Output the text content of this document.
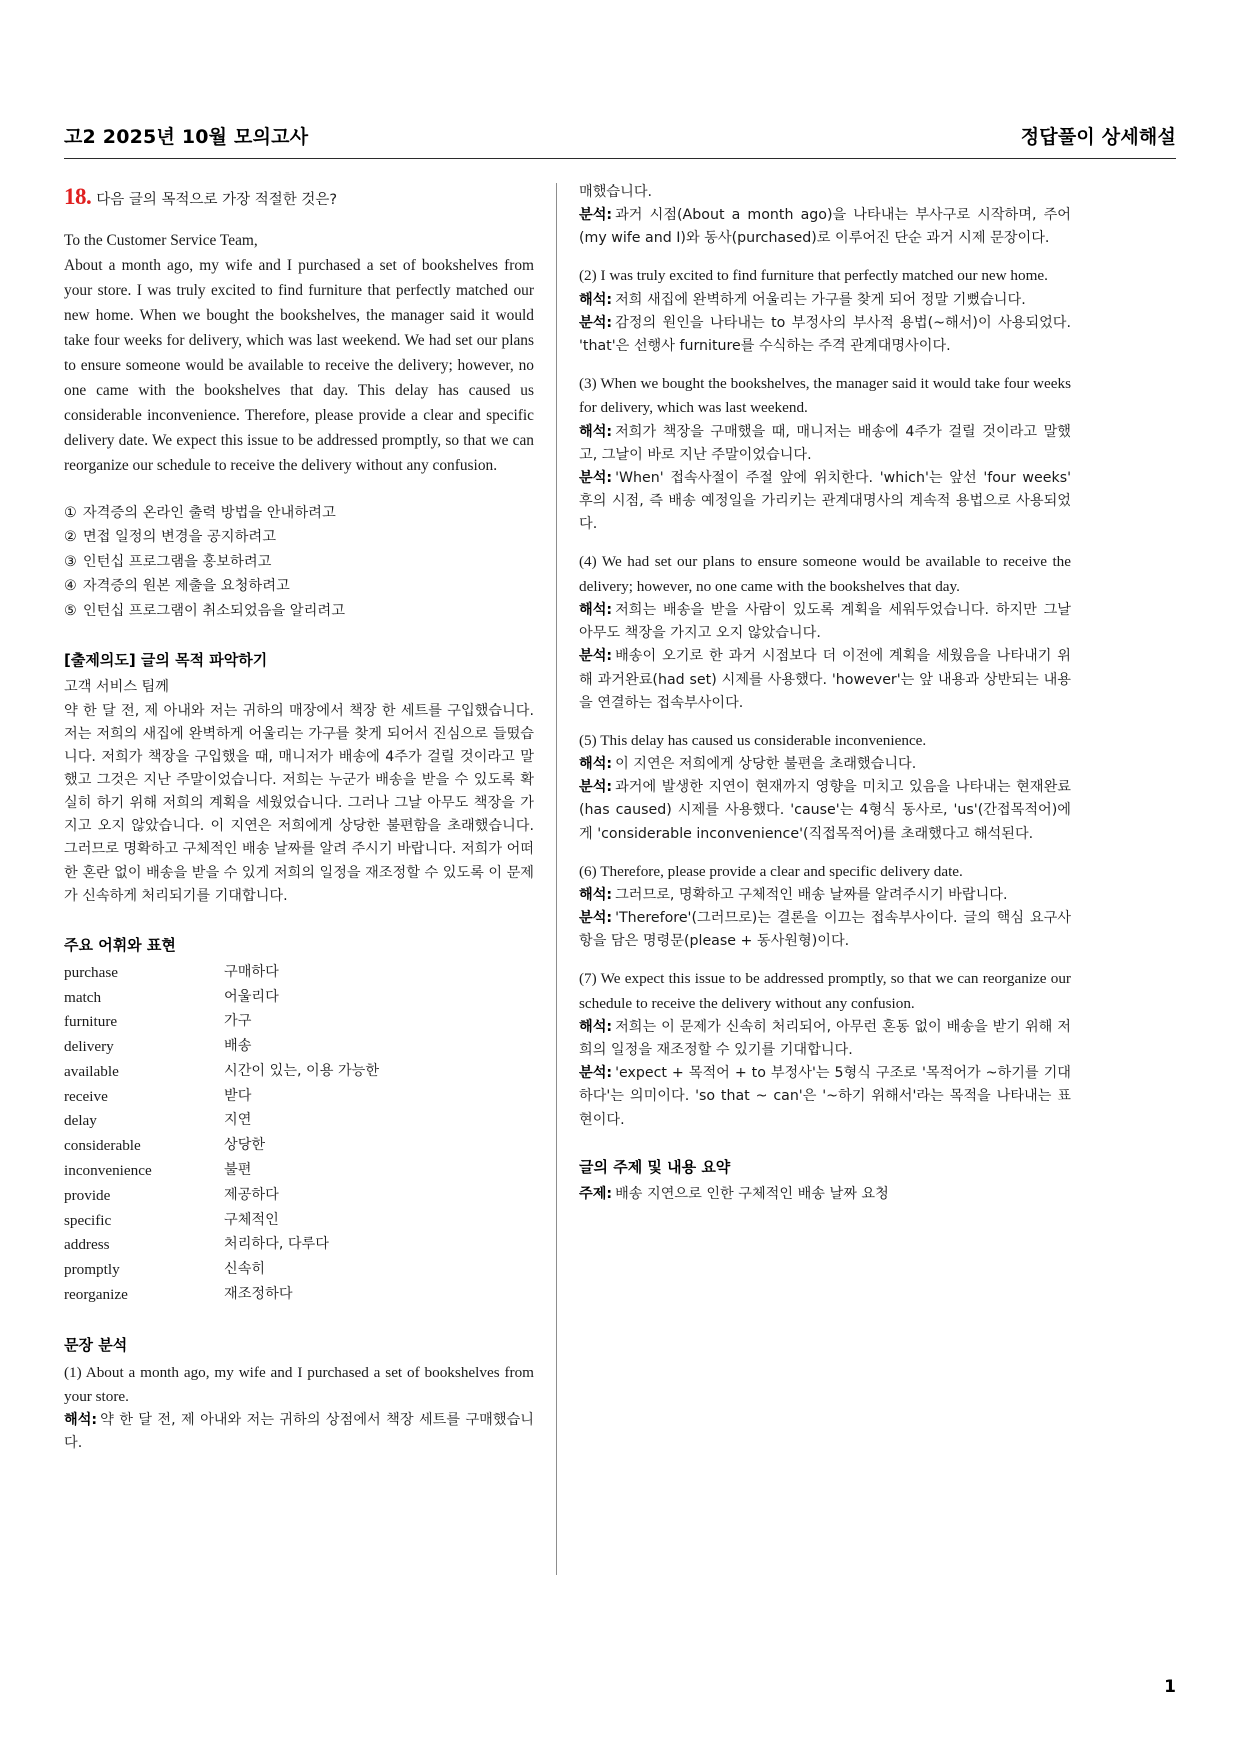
고2 2025년 10월 모의고사	정답풀이 상세해설
18. 다음 글의 목적으로 가장 적절한 것은?

To the Customer Service Team,

About a month ago, my wife and I purchased a set of bookshelves from your store. I was truly excited to find furniture that perfectly matched our new home. When we bought the bookshelves, the manager said it would take four weeks for delivery, which was last weekend. We had set our plans to ensure someone would be available to receive the delivery; however, no one came with the bookshelves that day. This delay has caused us considerable inconvenience. Therefore, please provide a clear and specific delivery date. We expect this issue to be addressed promptly, so that we can reorganize our schedule to receive the delivery without any confusion.

① 자격증의 온라인 출력 방법을 안내하려고
② 면접 일정의 변경을 공지하려고
③ 인턴십 프로그램을 홍보하려고
④ 자격증의 원본 제출을 요청하려고
⑤ 인턴십 프로그램이 취소되었음을 알리려고
[출제의도] 글의 목적 파악하기

고객 서비스 팀께

약 한 달 전, 제 아내와 저는 귀하의 매장에서 책장 한 세트를 구입했습니다. 저는 저희의 새집에 완벽하게 어울리는 가구를 찾게 되어서 진심으로 들떴습니다. 저희가 책장을 구입했을 때, 매니저가 배송에 4주가 걸릴 것이라고 말했고 그것은 지난 주말이었습니다. 저희는 누군가 배송을 받을 수 있도록 확실히 하기 위해 저희의 계획을 세웠었습니다. 그러나 그날 아무도 책장을 가지고 오지 않았습니다. 이 지연은 저희에게 상당한 불편함을 초래했습니다. 그러므로 명확하고 구체적인 배송 날짜를 알려 주시기 바랍니다. 저희가 어떠한 혼란 없이 배송을 받을 수 있게 저희의 일정을 재조정할 수 있도록 이 문제가 신속하게 처리되기를 기대합니다.

주요 어휘와 표현
purchase	구매하다
match	어울리다
furniture	가구
delivery	배송
available	시간이 있는, 이용 가능한
receive	받다
delay	지연
considerable	상당한
inconvenience	불편
provide	제공하다
specific	구체적인
address	처리하다, 다루다
promptly	신속히
reorganize	재조정하다
문장 분석

(1) About a month ago, my wife and I purchased a set of bookshelves from your store.

해석: 약 한 달 전, 제 아내와 저는 귀하의 상점에서 책장 세트를 구매했습니다.

매했습니다.

분석: 과거 시점(About a month ago)을 나타내는 부사구로 시작하며, 주어(my wife and I)와 동사(purchased)로 이루어진 단순 과거 시제 문장이다.

(2) I was truly excited to find furniture that perfectly matched our new home.

해석: 저희 새집에 완벽하게 어울리는 가구를 찾게 되어 정말 기뻤습니다.

분석: 감정의 원인을 나타내는 to 부정사의 부사적 용법(~해서)이 사용되었다. 'that'은 선행사 furniture를 수식하는 주격 관계대명사이다.

(3) When we bought the bookshelves, the manager said it would take four weeks for delivery, which was last weekend.

해석: 저희가 책장을 구매했을 때, 매니저는 배송에 4주가 걸릴 것이라고 말했고, 그날이 바로 지난 주말이었습니다.

분석: 'When' 접속사절이 주절 앞에 위치한다. 'which'는 앞선 'four weeks' 후의 시점, 즉 배송 예정일을 가리키는 관계대명사의 계속적 용법으로 사용되었다.

(4) We had set our plans to ensure someone would be available to receive the delivery; however, no one came with the bookshelves that day.

해석: 저희는 배송을 받을 사람이 있도록 계획을 세워두었습니다. 하지만 그날 아무도 책장을 가지고 오지 않았습니다.

분석: 배송이 오기로 한 과거 시점보다 더 이전에 계획을 세웠음을 나타내기 위해 과거완료(had set) 시제를 사용했다. 'however'는 앞 내용과 상반되는 내용을 연결하는 접속부사이다.

(5) This delay has caused us considerable inconvenience.

해석: 이 지연은 저희에게 상당한 불편을 초래했습니다.

분석: 과거에 발생한 지연이 현재까지 영향을 미치고 있음을 나타내는 현재완료(has caused) 시제를 사용했다. 'cause'는 4형식 동사로, 'us'(간접목적어)에게 'considerable inconvenience'(직접목적어)를 초래했다고 해석된다.

(6) Therefore, please provide a clear and specific delivery date.

해석: 그러므로, 명확하고 구체적인 배송 날짜를 알려주시기 바랍니다.

분석: 'Therefore'(그러므로)는 결론을 이끄는 접속부사이다. 글의 핵심 요구사항을 담은 명령문(please + 동사원형)이다.

(7) We expect this issue to be addressed promptly, so that we can reorganize our schedule to receive the delivery without any confusion.

해석: 저희는 이 문제가 신속히 처리되어, 아무런 혼동 없이 배송을 받기 위해 저희의 일정을 재조정할 수 있기를 기대합니다.

분석: 'expect + 목적어 + to 부정사'는 5형식 구조로 '목적어가 ~하기를 기대하다'는 의미이다. 'so that ~ can'은 '~하기 위해서'라는 목적을 나타내는 표현이다.

글의 주제 및 내용 요약

주제: 배송 지연으로 인한 구체적인 배송 날짜 요청

1
